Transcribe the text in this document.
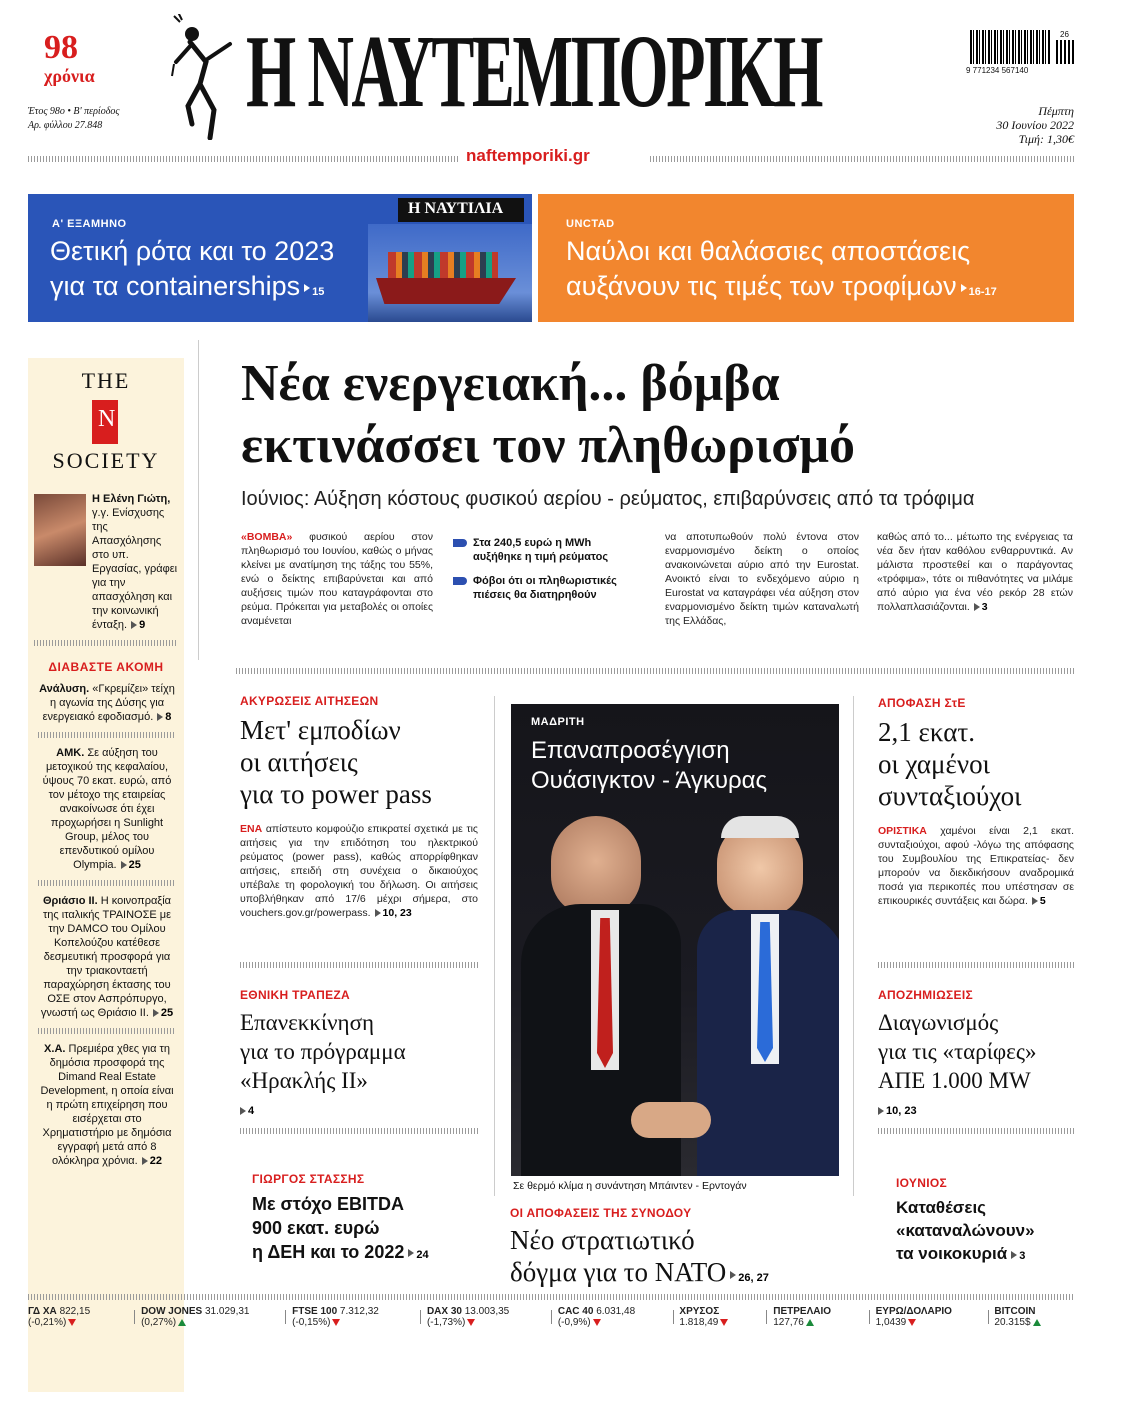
98
χρόνια
Έτος 98ο • Β' περίοδος
Αρ. φύλλου 27.848 Η ΝΑΥΤΕΜΠΟΡΙΚΗ	26
9 771234 567140
Πέμπτη
30 Ιουνίου 2022
Τιμή: 1,30€
naftemporiki.gr
Η ΝΑΥΤΙΛΙΑ
Α' ΕΞΑΜΗΝΟ
Θετική ρότα και το 2023
για τα containerships 15
UNCTAD
Ναύλοι και θαλάσσιες αποστάσεις
αυξάνουν τις τιμές των τροφίμων 16-17
THE
N
SOCIETY
Η Ελένη Γιώτη, γ.γ. Ενίσχυσης της Απασχόλησης στο υπ. Εργασίας, γράφει για την απασχόληση και την κοινωνική ένταξη. 9
ΔΙΑΒΑΣΤΕ ΑΚΟΜΗ

Ανάλυση. «Γκρεμίζει» τείχη η αγωνία της Δύσης για ενεργειακό εφοδιασμό. 8

ΑΜΚ. Σε αύξηση του μετοχικού της κεφαλαίου, ύψους 70 εκατ. ευρώ, από τον μέτοχο της εταιρείας ανακοίνωσε ότι έχει προχωρήσει η Sunlight Group, μέλος του επενδυτικού ομίλου Olympia. 25

Θριάσιο ΙΙ. Η κοινοπραξία της ιταλικής ΤΡΑΙΝΟΣΕ με την DAMCO του Ομίλου Κοπελούζου κατέθεσε δεσμευτική προσφορά για την τριακονταετή παραχώρηση έκτασης του ΟΣΕ στον Ασπρόπυργο, γνωστή ως Θριάσιο ΙΙ. 25

Χ.Α. Πρεμιέρα χθες για τη δημόσια προσφορά της Dimand Real Estate Development, η οποία είναι η πρώτη επιχείρηση που εισέρχεται στο Χρηματιστήριο με δημόσια εγγραφή μετά από 8 ολόκληρα χρόνια. 22

Νέα ενεργειακή... βόμβα
εκτινάσσει τον πληθωρισμό
Ιούνιος: Αύξηση κόστους φυσικού αερίου - ρεύματος, επιβαρύνσεις από τα τρόφιμα
«ΒΟΜΒΑ» φυσικού αερίου στον πληθωρισμό του Ιουνίου, καθώς ο μήνας κλείνει με ανατίμηση της τάξης του 55%, ενώ ο δείκτης επιβαρύνεται και από αυξήσεις τιμών που καταγράφονται στο ρεύμα. Πρόκειται για μεταβολές οι οποίες αναμένεται
Στα 240,5 ευρώ η MWh αυξήθηκε η τιμή ρεύματος
Φόβοι ότι οι πληθωριστικές πιέσεις θα διατηρηθούν
να αποτυπωθούν πολύ έντονα στον εναρμονισμένο δείκτη ο οποίος ανακοινώνεται αύριο από την Eurostat. Ανοικτό είναι το ενδεχόμενο αύριο η Eurostat να καταγράφει νέα αύξηση στον εναρμονισμένο δείκτη τιμών καταναλωτή της Ελλάδας,
καθώς από το... μέτωπο της ενέργειας τα νέα δεν ήταν καθόλου ενθαρρυντικά. Αν μάλιστα προστεθεί και ο παράγοντας «τρόφιμα», τότε οι πιθανότητες να μιλάμε από αύριο για ένα νέο ρεκόρ 28 ετών πολλαπλασιάζονται. 3
ΑΚΥΡΩΣΕΙΣ ΑΙΤΗΣΕΩΝ
Μετ' εμποδίων
οι αιτήσεις
για το power pass
ΕΝΑ απίστευτο κομφούζιο επικρατεί σχετικά με τις αιτήσεις για την επιδότηση του ηλεκτρικού ρεύματος (power pass), καθώς απορρίφθηκαν αιτήσεις, επειδή στη συνέχεια ο δικαιούχος υπέβαλε τη φορολογική του δήλωση. Οι αιτήσεις υποβλήθηκαν από 17/6 μέχρι σήμερα, στο vouchers.gov.gr/powerpass. 10, 23
ΕΘΝΙΚΗ ΤΡΑΠΕΖΑ
Επανεκκίνηση
για το πρόγραμμα
«Ηρακλής ΙΙ»
4
ΓΙΩΡΓΟΣ ΣΤΑΣΣΗΣ
Με στόχο EBITDA
900 εκατ. ευρώ
η ΔΕΗ και το 2022 24
ΜΑΔΡΙΤΗ
Επαναπροσέγγιση
Ουάσιγκτον - Άγκυρας
Σε θερμό κλίμα η συνάντηση Μπάιντεν - Ερντογάν
ΟΙ ΑΠΟΦΑΣΕΙΣ ΤΗΣ ΣΥΝΟΔΟΥ
Νέο στρατιωτικό
δόγμα για το ΝΑΤΟ 26, 27
ΑΠΟΦΑΣΗ ΣτΕ
2,1 εκατ.
οι χαμένοι
συνταξιούχοι
ΟΡΙΣΤΙΚΑ χαμένοι είναι 2,1 εκατ. συνταξιούχοι, αφού -λόγω της απόφασης του Συμβουλίου της Επικρατείας- δεν μπορούν να διεκδικήσουν αναδρομικά ποσά για περικοπές που υπέστησαν σε επικουρικές συντάξεις και δώρα. 5
ΑΠΟΖΗΜΙΩΣΕΙΣ
Διαγωνισμός
για τις «ταρίφες»
ΑΠΕ 1.000 MW
10, 23
ΙΟΥΝΙΟΣ
Καταθέσεις
«καταναλώνουν»
τα νοικοκυριά 3
ΓΔ ΧΑ 822,15 (-0,21%)
DOW JONES 31.029,31 (0,27%)
FTSE 100 7.312,32 (-0,15%)
DAX 30 13.003,35 (-1,73%)
CAC 40 6.031,48 (-0,9%)
ΧΡΥΣΟΣ 1.818,49
ΠΕΤΡΕΛΑΙΟ 127,76
ΕΥΡΩ/ΔΟΛΑΡΙΟ 1,0439
BITCOIN 20.315$
